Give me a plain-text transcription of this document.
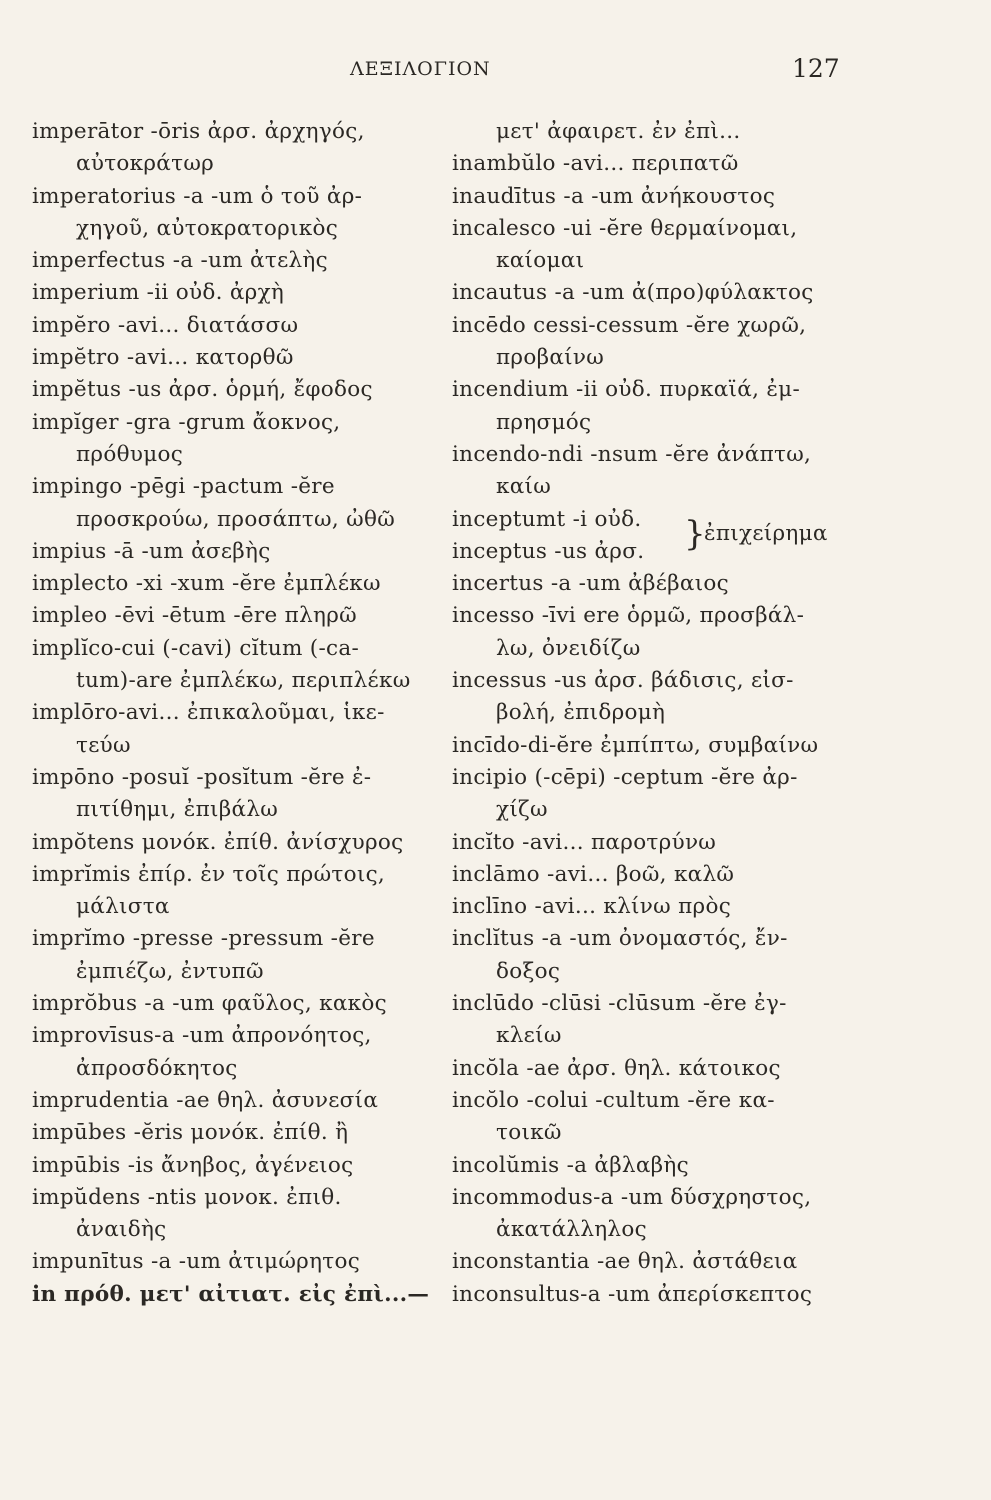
ΛΕΞΙΛΟΓΙΟΝ	127
imperātor -ōris ἀρσ. ἀρχηγός,
αὐτοκράτωρ
imperatorius -a -um ὁ τοῦ ἀρ-
χηγοῦ, αὐτοκρατορικὸς
imperfectus -a -um ἀτελὴς
imperium -ii οὐδ. ἀρχὴ
impĕro -avi... διατάσσω
impĕtro -avi... κατορθῶ
impĕtus -us ἀρσ. ὁρμή, ἔφοδος
impĭger -gra -grum ἄοκνος,
πρόθυμος
impingo -pēgi -pactum -ĕre
προσκρούω, προσάπτω, ὠθῶ
impius -ā -um ἀσεβὴς
implecto -xi -xum -ĕre ἐμπλέκω
impleo -ēvi -ētum -ēre πληρῶ
implĭco-cui (-cavi) cĭtum (-ca-
tum)-are ἐμπλέκω, περιπλέκω
implōro-avi... ἐπικαλοῦμαι, ἱκε-
τεύω
impōno -posuĭ -posĭtum -ĕre ἐ-
πιτίθημι, ἐπιβάλω
impŏtens μονόκ. ἐπίθ. ἀνίσχυρος
imprĭmis ἐπίρ. ἐν τοῖς πρώτοις,
μάλιστα
imprĭmo -presse -pressum -ĕre
ἐμπιέζω, ἐντυπῶ
imprŏbus -a -um φαῦλος, κακὸς
improvīsus-a -um ἀπρονόητος,
ἀπροσδόκητος
imprudentia -ae θηλ. ἀσυνεσία
impūbes -ĕris μονόκ. ἐπίθ. ἢ
impūbis -is ἄνηβος, ἀγένειος
impŭdens -ntis μονοκ. ἐπιθ.
ἀναιδὴς
impunītus -a -um ἀτιμώρητος
in πρόθ. μετ' αἰτιατ. εἰς ἐπὶ...—
μετ' ἀφαιρετ. ἐν ἐπὶ...
inambŭlo -avi... περιπατῶ
inaudītus -a -um ἀνήκουστος
incalesco -ui -ĕre θερμαίνομαι,
καίομαι
incautus -a -um ἀ(προ)φύλακτος
incēdo cessi-cessum -ĕre χωρῶ,
προβαίνω
incendium -ii οὐδ. πυρκαϊά, ἐμ-
πρησμός
incendo-ndi -nsum -ĕre ἀνάπτω,
καίω
inceptumt -i οὐδ.
inceptus -us ἀρσ.	}
ἐπιχείρημα
incertus -a -um ἀβέβαιος
incesso -īvi ere ὁρμῶ, προσβάλ-
λω, ὀνειδίζω
incessus -us ἀρσ. βάδισις, εἰσ-
βολή, ἐπιδρομὴ
incīdo-di-ĕre ἐμπίπτω, συμβαίνω
incipio (-cēpi) -ceptum -ĕre ἀρ-
χίζω
incĭto -avi... παροτρύνω
inclāmo -avi... βοῶ, καλῶ
inclīno -avi... κλίνω πρὸς
inclĭtus -a -um ὀνομαστός, ἔν-
δοξος
inclūdo -clūsi -clūsum -ĕre ἐγ-
κλείω
incŏla -ae ἀρσ. θηλ. κάτοικος
incŏlo -colui -cultum -ĕre κα-
τοικῶ
incolŭmis -a ἀβλαβὴς
incommodus-a -um δύσχρηστος,
ἀκατάλληλος
inconstantia -ae θηλ. ἀστάθεια
inconsultus-a -um ἀπερίσκεπτος
